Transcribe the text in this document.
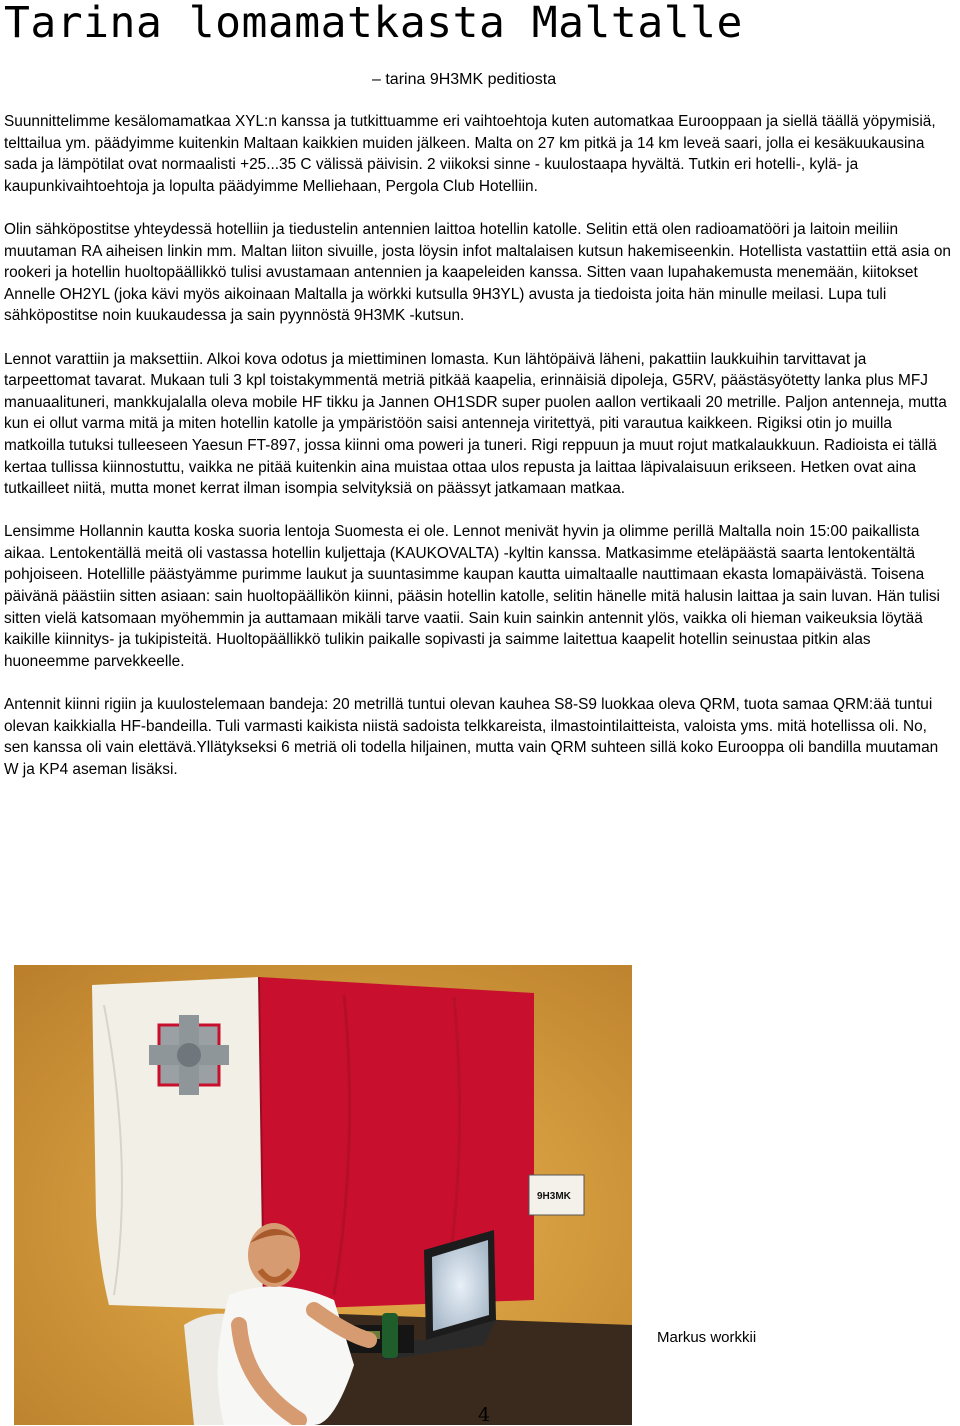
Tarina lomamatkasta Maltalle
– tarina 9H3MK peditiosta

Suunnittelimme kesälomamatkaa XYL:n kanssa ja tutkittuamme eri vaihtoehtoja kuten automatkaa Eurooppaan ja siellä täällä yöpymisiä, telttailua ym. päädyimme kuitenkin Maltaan kaikkien muiden jälkeen. Malta on 27 km pitkä ja 14 km leveä saari, jolla ei kesäkuukausina sada ja lämpötilat ovat normaalisti +25...35 C välissä päivisin. 2 viikoksi sinne - kuulostaapa hyvältä. Tutkin eri hotelli-, kylä- ja kaupunkivaihtoehtoja ja lopulta päädyimme Melliehaan, Pergola Club Hotelliin.

Olin sähköpostitse yhteydessä hotelliin ja tiedustelin antennien laittoa hotellin katolle. Selitin että olen radioamatööri ja laitoin meiliin muutaman RA aiheisen linkin mm. Maltan liiton sivuille, josta löysin infot maltalaisen kutsun hakemiseenkin. Hotellista vastattiin että asia on rookeri ja hotellin huoltopäällikkö tulisi avustamaan antennien ja kaapeleiden kanssa. Sitten vaan lupahakemusta menemään, kiitokset Annelle OH2YL (joka kävi myös aikoinaan Maltalla ja wörkki kutsulla 9H3YL) avusta ja tiedoista joita hän minulle meilasi. Lupa tuli sähköpostitse noin kuukaudessa ja sain pyynnöstä 9H3MK -kutsun.

Lennot varattiin ja maksettiin. Alkoi kova odotus ja miettiminen lomasta. Kun lähtöpäivä läheni, pakattiin laukkuihin tarvittavat ja tarpeettomat tavarat. Mukaan tuli 3 kpl toistakymmentä metriä pitkää kaapelia, erinnäisiä dipoleja, G5RV, päästäsyötetty lanka plus MFJ manuaalituneri, mankkujalalla oleva mobile HF tikku ja Jannen OH1SDR super puolen aallon vertikaali 20 metrille. Paljon antenneja, mutta kun ei ollut varma mitä ja miten hotellin katolle ja ympäristöön saisi antenneja viritettyä, piti varautua kaikkeen. Rigiksi otin jo muilla matkoilla tutuksi tulleeseen Yaesun FT-897, jossa kiinni oma poweri ja tuneri. Rigi reppuun ja muut rojut matkalaukkuun. Radioista ei tällä kertaa tullissa kiinnostuttu, vaikka ne pitää kuitenkin aina muistaa ottaa ulos repusta ja laittaa läpivalaisuun erikseen. Hetken ovat aina tutkailleet niitä, mutta monet kerrat ilman isompia selvityksiä on päässyt jatkamaan matkaa.

Lensimme Hollannin kautta koska suoria lentoja Suomesta ei ole. Lennot menivät hyvin ja olimme perillä Maltalla noin 15:00 paikallista aikaa. Lentokentällä meitä oli vastassa hotellin kuljettaja (KAUKOVALTA) -kyltin kanssa. Matkasimme eteläpäästä saarta lentokentältä pohjoiseen. Hotellille päästyämme purimme laukut ja suuntasimme kaupan kautta uimaltaalle nauttimaan ekasta lomapäivästä. Toisena päivänä päästiin sitten asiaan: sain huoltopäällikön kiinni, pääsin hotellin katolle, selitin hänelle mitä halusin laittaa ja sain luvan. Hän tulisi sitten vielä katsomaan myöhemmin ja auttamaan mikäli tarve vaatii. Sain kuin sainkin antennit ylös, vaikka oli hieman vaikeuksia löytää kaikille kiinnitys- ja tukipisteitä. Huoltopäällikkö tulikin paikalle sopivasti ja saimme laitettua kaapelit hotellin seinustaa pitkin alas huoneemme parvekkeelle.

Antennit kiinni rigiin ja kuulostelemaan bandeja: 20 metrillä tuntui olevan kauhea S8-S9 luokkaa oleva QRM, tuota samaa QRM:ää tuntui olevan kaikkialla HF-bandeilla. Tuli varmasti kaikista niistä sadoista telkkareista, ilmastointilaitteista, valoista yms. mitä hotellissa oli. No, sen kanssa oli vain elettävä.Yllätykseksi 6 metriä oli todella hiljainen, mutta vain QRM suhteen sillä koko Eurooppa oli bandilla muutaman W ja KP4 aseman lisäksi.

9H3MK
Markus workkii
4
